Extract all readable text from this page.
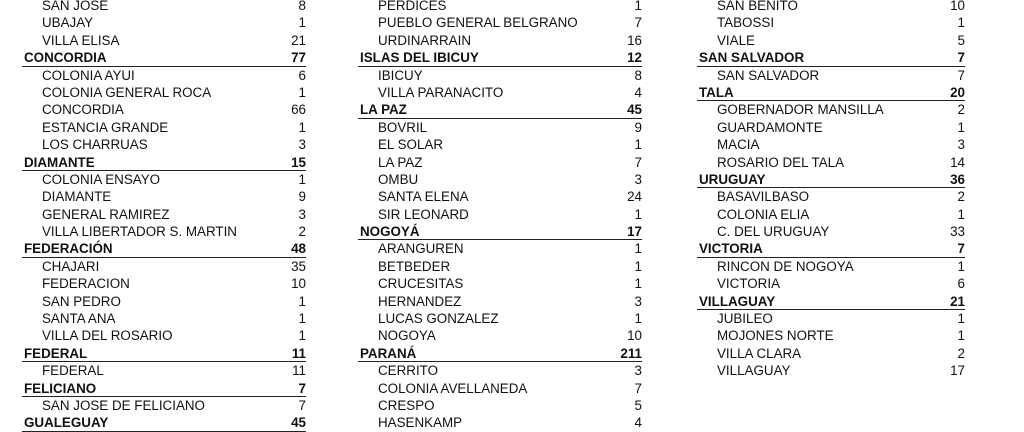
SAN JOSE	8
UBAJAY	1
VILLA ELISA	21
CONCORDIA	77
COLONIA AYUI	6
COLONIA GENERAL ROCA	1
CONCORDIA	66
ESTANCIA GRANDE	1
LOS CHARRUAS	3
DIAMANTE	15
COLONIA ENSAYO	1
DIAMANTE	9
GENERAL RAMIREZ	3
VILLA LIBERTADOR S. MARTIN	2
FEDERACIÓN	48
CHAJARI	35
FEDERACION	10
SAN PEDRO	1
SANTA ANA	1
VILLA DEL ROSARIO	1
FEDERAL	11
FEDERAL	11
FELICIANO	7
SAN JOSE DE FELICIANO	7
GUALEGUAY	45
PERDICES	1
PUEBLO GENERAL BELGRANO	7
URDINARRAIN	16
ISLAS DEL IBICUY	12
IBICUY	8
VILLA PARANACITO	4
LA PAZ	45
BOVRIL	9
EL SOLAR	1
LA PAZ	7
OMBU	3
SANTA ELENA	24
SIR LEONARD	1
NOGOYÁ	17
ARANGUREN	1
BETBEDER	1
CRUCESITAS	1
HERNANDEZ	3
LUCAS GONZALEZ	1
NOGOYA	10
PARANÁ	211
CERRITO	3
COLONIA AVELLANEDA	7
CRESPO	5
HASENKAMP	4
SAN BENITO	10
TABOSSI	1
VIALE	5
SAN SALVADOR	7
SAN SALVADOR	7
TALA	20
GOBERNADOR MANSILLA	2
GUARDAMONTE	1
MACIA	3
ROSARIO DEL TALA	14
URUGUAY	36
BASAVILBASO	2
COLONIA ELIA	1
C. DEL URUGUAY	33
VICTORIA	7
RINCON DE NOGOYA	1
VICTORIA	6
VILLAGUAY	21
JUBILEO	1
MOJONES NORTE	1
VILLA CLARA	2
VILLAGUAY	17
